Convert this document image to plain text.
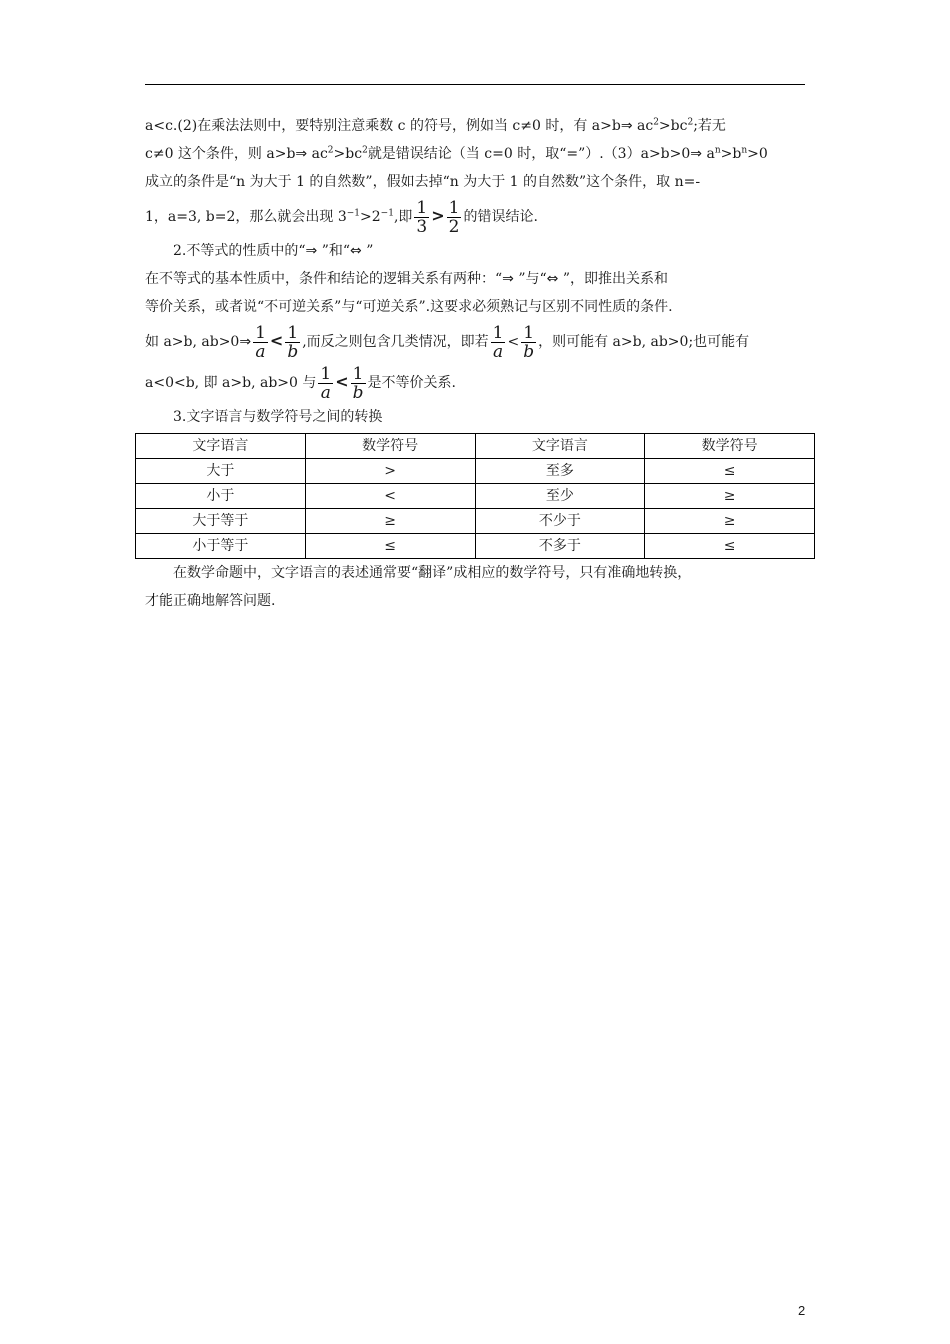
a<c.(2)在乘法法则中，要特别注意乘数 c 的符号，例如当 c≠0 时，有 a>b⇒ $ac^2>bc^2$;若无

c≠0 这个条件，则 a>b⇒ $ac^2>bc^2$就是错误结论（当 c=0 时，取“=”）.（3）a>b>0⇒ $a^n>b^n>0$

成立的条件是“n 为大于 1 的自然数”，假如去掉“n 为大于 1 的自然数”这个条件，取 n=-

1，a=3, b=2，那么就会出现 $3^{-1}>2^{-1}$,即 $\frac{1}{3} > \frac{1}{2}$ 的错误结论.

2.不等式的性质中的“⇒ ”和“⇔ ”

在不等式的基本性质中，条件和结论的逻辑关系有两种：“⇒ ”与“⇔ ”，即推出关系和

等价关系，或者说“不可逆关系”与“可逆关系”.这要求必须熟记与区别不同性质的条件.

如 a>b, ab>0⇒ $\frac{1}{a} < \frac{1}{b}$ ,而反之则包含几类情况，即若 $\frac{1}{a} < \frac{1}{b}$ ，则可能有 a>b, ab>0;也可能有

a<0<b, 即 a>b, ab>0 与 $\frac{1}{a} < \frac{1}{b}$ 是不等价关系.

3.文字语言与数学符号之间的转换

文字语言	数学符号	文字语言	数学符号
大于	>	至多	≤
小于	<	至少	≥
大于等于	≥	不少于	≥
小于等于	≤	不多于	≤

在数学命题中，文字语言的表述通常要“翻译”成相应的数学符号，只有准确地转换，

才能正确地解答问题.

2
